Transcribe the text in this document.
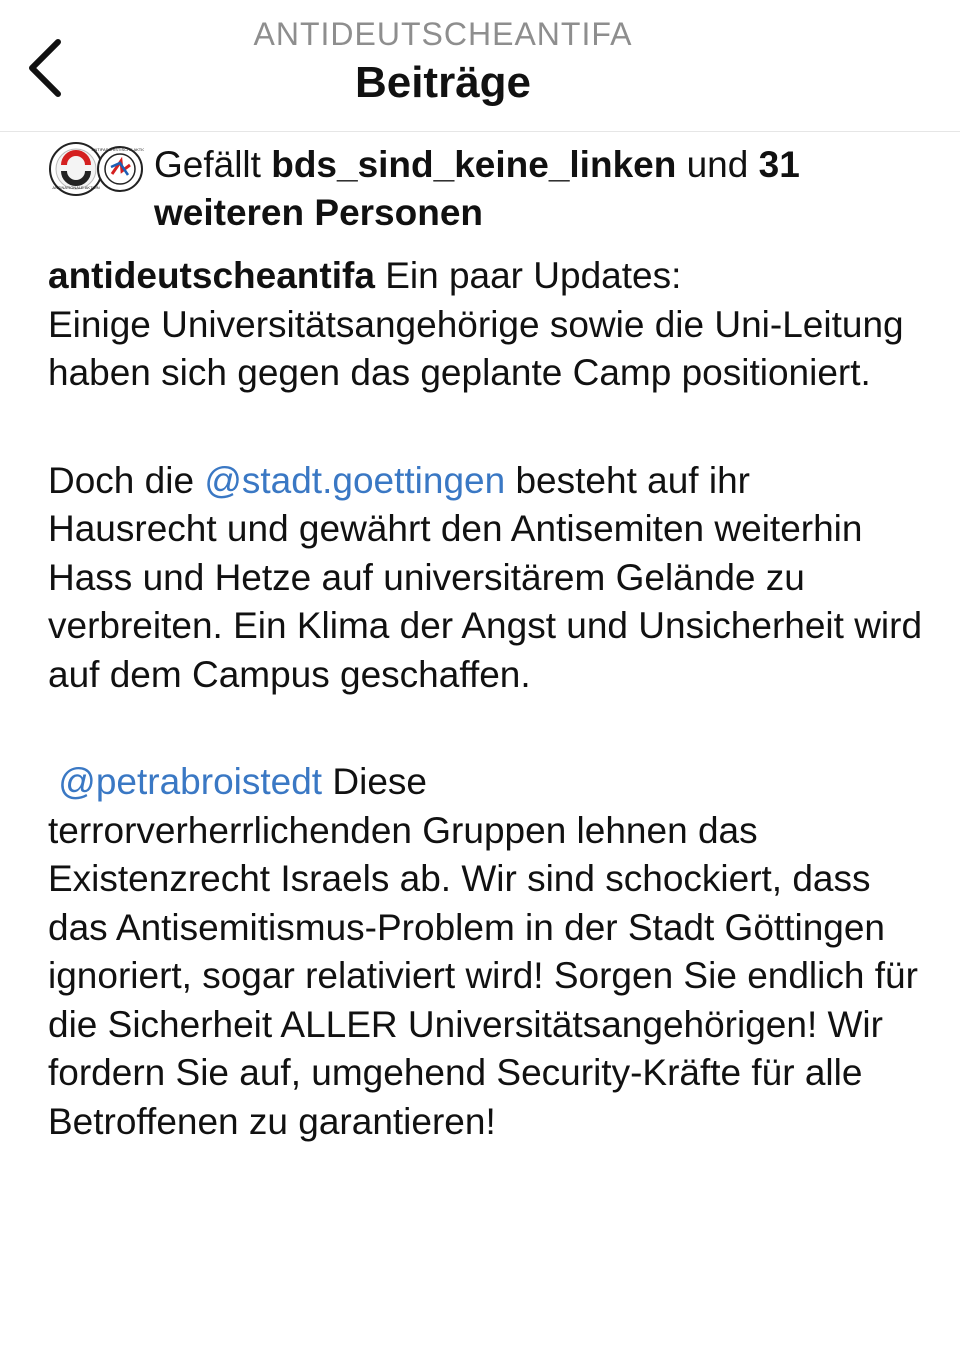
ANTIDEUTSCHEANTIFA
Beiträge
ANTINATIONALE AKTION
ANTIFASCHISTISCHE AKTION Gefällt bds_sind_keine_linken und 31 weiteren Personen

antideutscheantifa Ein paar Updates:
Einige Universitätsangehörige sowie die Uni-Leitung haben sich gegen das geplante Camp positioniert.

Doch die @stadt.goettingen besteht auf ihr Hausrecht und gewährt den Antisemiten weiterhin Hass und Hetze auf universitärem Gelände zu verbreiten. Ein Klima der Angst und Unsicherheit wird auf dem Campus geschaffen.

@petrabroistedt Diese
terrorverherrlichenden Gruppen lehnen das Existenzrecht Israels ab. Wir sind schockiert, dass das Antisemitismus-Problem in der Stadt Göttingen ignoriert, sogar relativiert wird! Sorgen Sie endlich für die Sicherheit ALLER Universitätsangehörigen! Wir fordern Sie auf, umgehend Security-Kräfte für alle Betroffenen zu garantieren!
